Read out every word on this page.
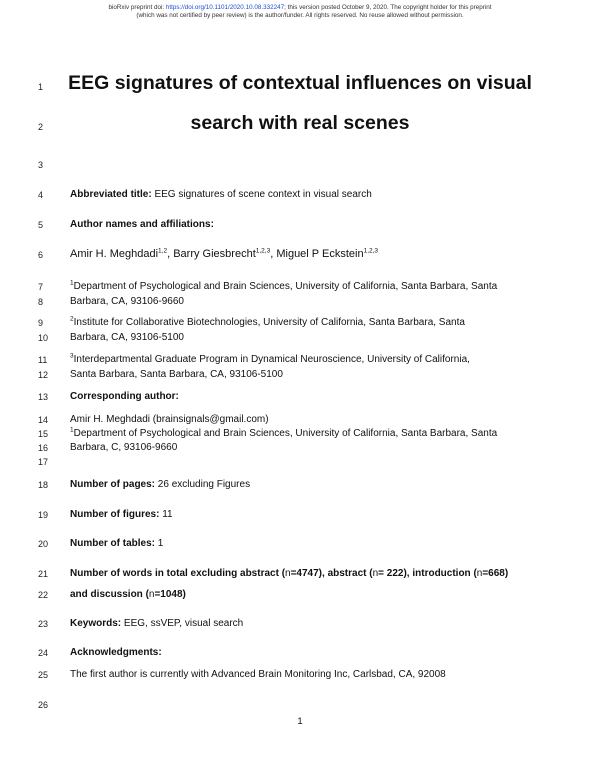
bioRxiv preprint doi: https://doi.org/10.1101/2020.10.08.332247; this version posted October 9, 2020. The copyright holder for this preprint
(which was not certified by peer review) is the author/funder. All rights reserved. No reuse allowed without permission.
1
2
3
4
5
6
7
8
9
10
11
12
13
14
15
16
17
18
19
20
21
22
23
24
25
26
EEG signatures of contextual influences on visual
search with real scenes
Abbreviated title: EEG signatures of scene context in visual search
Author names and affiliations:
Amir H. Meghdadi$^{1,2}$, Barry Giesbrecht$^{1,2,3}$, Miguel P Eckstein$^{1,2,3}$
$^1$Department of Psychological and Brain Sciences, University of California, Santa Barbara, Santa
Barbara, CA, 93106-9660
$^2$Institute for Collaborative Biotechnologies, University of California, Santa Barbara, Santa
Barbara, CA, 93106-5100
$^3$Interdepartmental Graduate Program in Dynamical Neuroscience, University of California,
Santa Barbara, Santa Barbara, CA, 93106-5100
Corresponding author:
Amir H. Meghdadi (brainsignals@gmail.com)
$^1$Department of Psychological and Brain Sciences, University of California, Santa Barbara, Santa
Barbara, C, 93106-9660
Number of pages: 26 excluding Figures
Number of figures: 11
Number of tables: 1
Number of words in total excluding abstract (n=4747), abstract (n= 222), introduction (n=668)
and discussion (n=1048)
Keywords: EEG, ssVEP, visual search
Acknowledgments:
The first author is currently with Advanced Brain Monitoring Inc, Carlsbad, CA, 92008
1
